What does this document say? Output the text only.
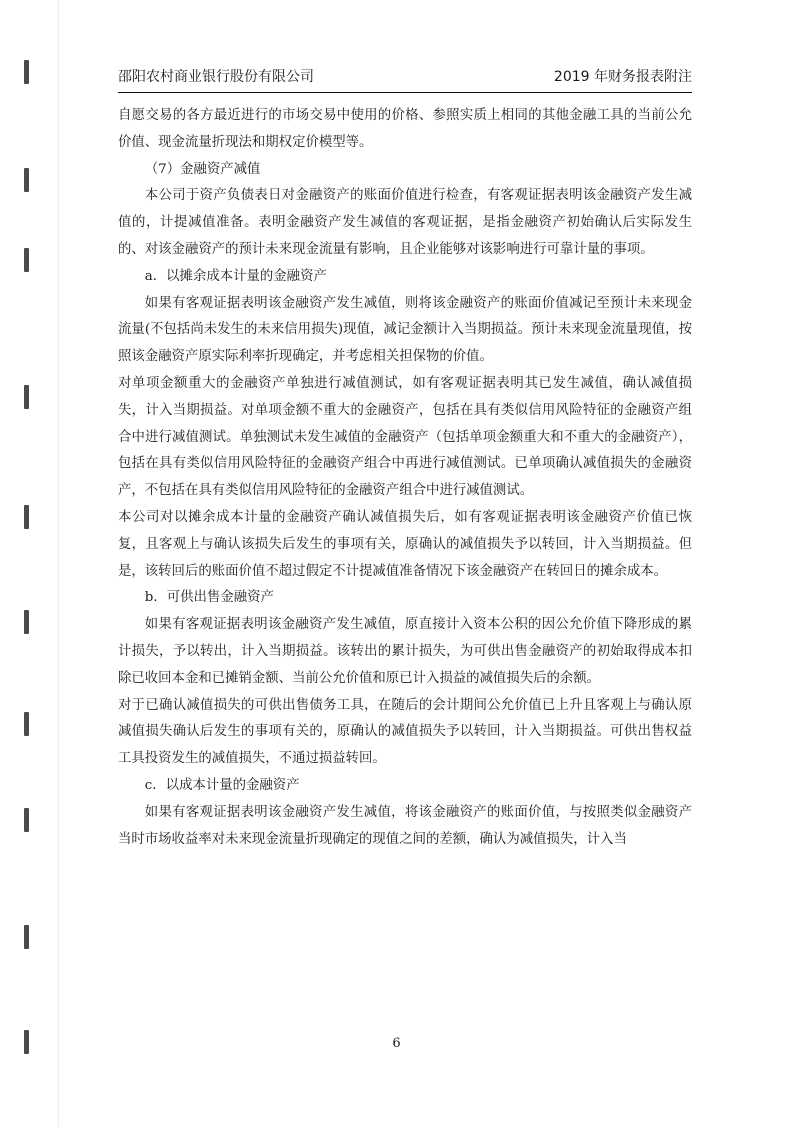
邵阳农村商业银行股份有限公司	2019 年财务报表附注

自愿交易的各方最近进行的市场交易中使用的价格、参照实质上相同的其他金融工具的当前公允价值、现金流量折现法和期权定价模型等。

（7）金融资产减值

本公司于资产负债表日对金融资产的账面价值进行检查，有客观证据表明该金融资产发生减值的，计提减值准备。表明金融资产发生减值的客观证据，是指金融资产初始确认后实际发生的、对该金融资产的预计未来现金流量有影响，且企业能够对该影响进行可靠计量的事项。

a．以摊余成本计量的金融资产

如果有客观证据表明该金融资产发生减值，则将该金融资产的账面价值减记至预计未来现金流量(不包括尚未发生的未来信用损失)现值，减记金额计入当期损益。预计未来现金流量现值，按照该金融资产原实际利率折现确定，并考虑相关担保物的价值。

对单项金额重大的金融资产单独进行减值测试，如有客观证据表明其已发生减值，确认减值损失，计入当期损益。对单项金额不重大的金融资产，包括在具有类似信用风险特征的金融资产组合中进行减值测试。单独测试未发生减值的金融资产（包括单项金额重大和不重大的金融资产），包括在具有类似信用风险特征的金融资产组合中再进行减值测试。已单项确认减值损失的金融资产，不包括在具有类似信用风险特征的金融资产组合中进行减值测试。

本公司对以摊余成本计量的金融资产确认减值损失后，如有客观证据表明该金融资产价值已恢复，且客观上与确认该损失后发生的事项有关，原确认的减值损失予以转回，计入当期损益。但是，该转回后的账面价值不超过假定不计提减值准备情况下该金融资产在转回日的摊余成本。

b．可供出售金融资产

如果有客观证据表明该金融资产发生减值，原直接计入资本公积的因公允价值下降形成的累计损失，予以转出，计入当期损益。该转出的累计损失，为可供出售金融资产的初始取得成本扣除已收回本金和已摊销金额、当前公允价值和原已计入损益的减值损失后的余额。

对于已确认减值损失的可供出售债务工具，在随后的会计期间公允价值已上升且客观上与确认原减值损失确认后发生的事项有关的，原确认的减值损失予以转回，计入当期损益。可供出售权益工具投资发生的减值损失，不通过损益转回。

c．以成本计量的金融资产

如果有客观证据表明该金融资产发生减值，将该金融资产的账面价值，与按照类似金融资产当时市场收益率对未来现金流量折现确定的现值之间的差额，确认为减值损失，计入当

6
